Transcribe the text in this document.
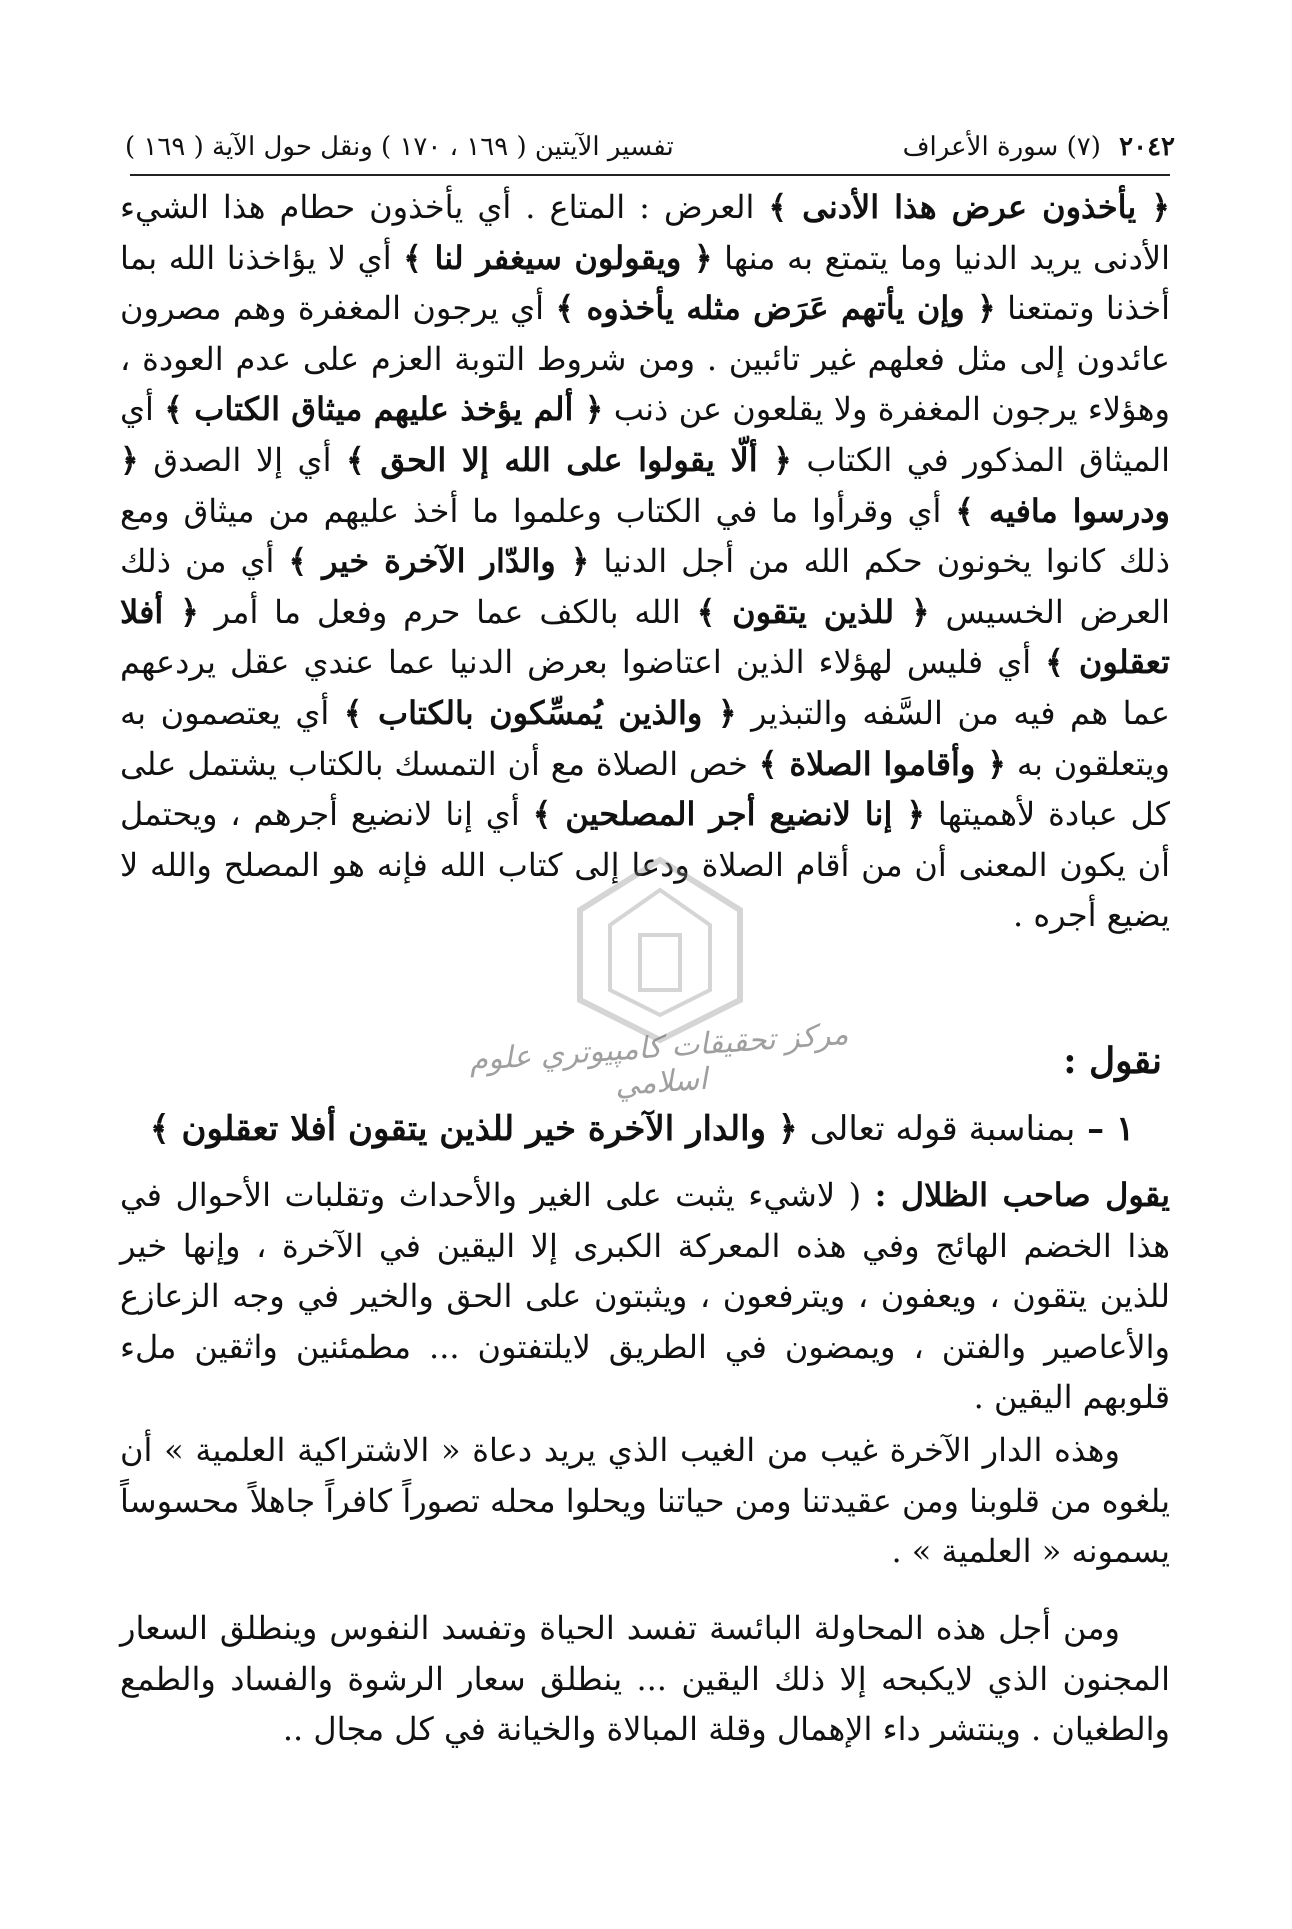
٢٠٤٢ (٧) سورة الأعراف
تفسير الآيتين ( ١٦٩ ، ١٧٠ ) ونقل حول الآية ( ١٦٩ )

﴿ يأخذون عرض هذا الأدنى ﴾ العرض : المتاع . أي يأخذون حطام هذا الشيء الأدنى يريد الدنيا وما يتمتع به منها ﴿ ويقولون سيغفر لنا ﴾ أي لا يؤاخذنا الله بما أخذنا وتمتعنا ﴿ وإن يأتهم عَرَض مثله يأخذوه ﴾ أي يرجون المغفرة وهم مصرون عائدون إلى مثل فعلهم غير تائبين . ومن شروط التوبة العزم على عدم العودة ، وهؤلاء يرجون المغفرة ولا يقلعون عن ذنب ﴿ ألم يؤخذ عليهم ميثاق الكتاب ﴾ أي الميثاق المذكور في الكتاب ﴿ ألّا يقولوا على الله إلا الحق ﴾ أي إلا الصدق ﴿ ودرسوا مافيه ﴾ أي وقرأوا ما في الكتاب وعلموا ما أخذ عليهم من ميثاق ومع ذلك كانوا يخونون حكم الله من أجل الدنيا ﴿ والدّار الآخرة خير ﴾ أي من ذلك العرض الخسيس ﴿ للذين يتقون ﴾ الله بالكف عما حرم وفعل ما أمر ﴿ أفلا تعقلون ﴾ أي فليس لهؤلاء الذين اعتاضوا بعرض الدنيا عما عندي عقل يردعهم عما هم فيه من السَّفه والتبذير ﴿ والذين يُمسِّكون بالكتاب ﴾ أي يعتصمون به ويتعلقون به ﴿ وأقاموا الصلاة ﴾ خص الصلاة مع أن التمسك بالكتاب يشتمل على كل عبادة لأهميتها ﴿ إنا لانضيع أجر المصلحين ﴾ أي إنا لانضيع أجرهم ، ويحتمل أن يكون المعنى أن من أقام الصلاة ودعا إلى كتاب الله فإنه هو المصلح والله لا يضيع أجره .

مركز تحقيقات كامپيوتري علوم اسلامي
نقول :
١ – بمناسبة قوله تعالى ﴿ والدار الآخرة خير للذين يتقون أفلا تعقلون ﴾

يقول صاحب الظلال : ( لاشيء يثبت على الغير والأحداث وتقلبات الأحوال في هذا الخضم الهائج وفي هذه المعركة الكبرى إلا اليقين في الآخرة ، وإنها خير للذين يتقون ، ويعفون ، ويترفعون ، ويثبتون على الحق والخير في وجه الزعازع والأعاصير والفتن ، ويمضون في الطريق لايلتفتون ... مطمئنين واثقين ملء قلوبهم اليقين .

وهذه الدار الآخرة غيب من الغيب الذي يريد دعاة « الاشتراكية العلمية » أن يلغوه من قلوبنا ومن عقيدتنا ومن حياتنا ويحلوا محله تصوراً كافراً جاهلاً محسوساً يسمونه « العلمية » .

ومن أجل هذه المحاولة البائسة تفسد الحياة وتفسد النفوس وينطلق السعار المجنون الذي لايكبحه إلا ذلك اليقين ... ينطلق سعار الرشوة والفساد والطمع والطغيان . وينتشر داء الإهمال وقلة المبالاة والخيانة في كل مجال ..
